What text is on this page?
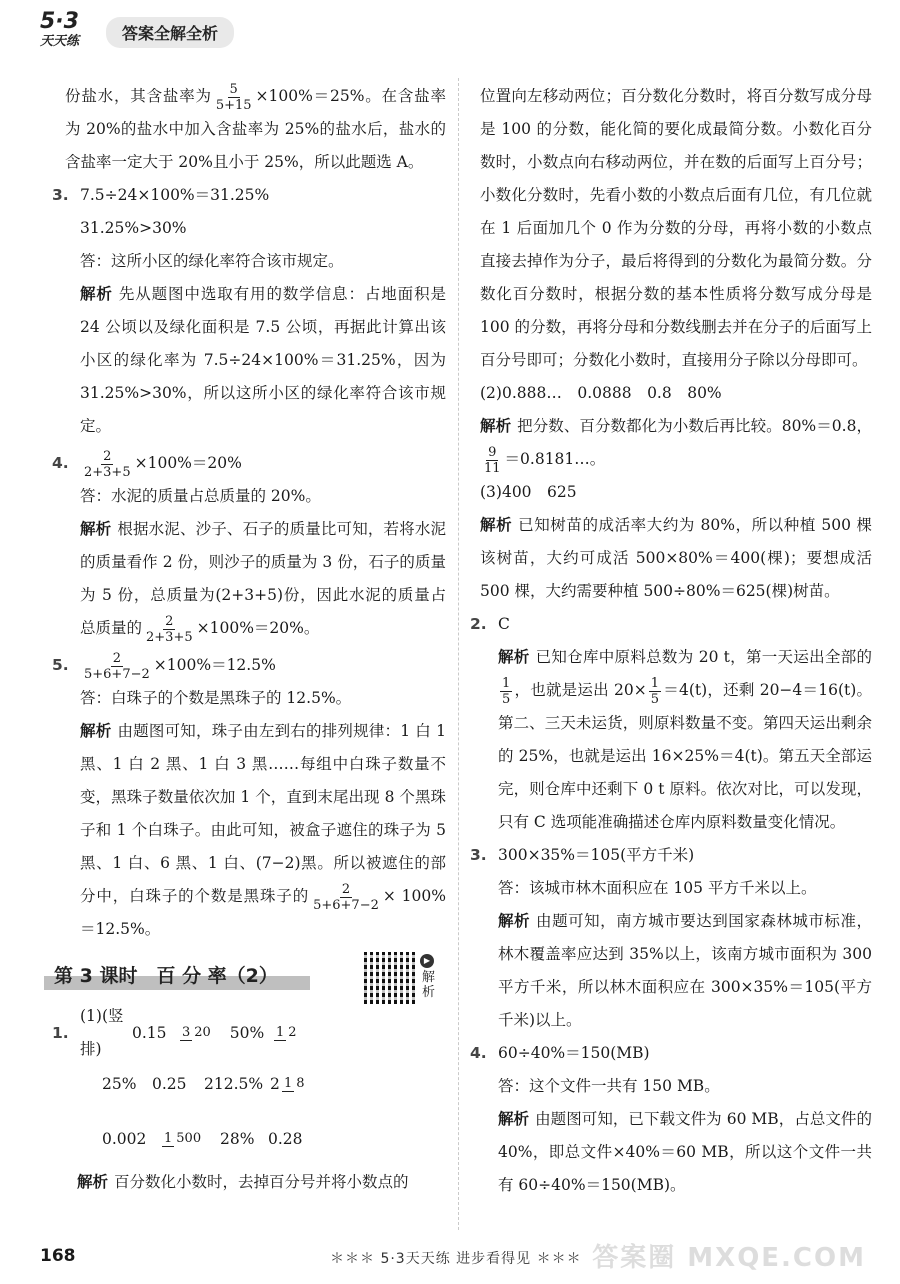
5·3
天天练	答案全解全析

份盐水，其含盐率为 $\frac{5}{5+15} \times 100\%=25\%$。在含盐率为 20%的盐水中加入含盐率为 25%的盐水后，盐水的含盐率一定大于 20%且小于 25%，所以此题选 A。

3. 7.5÷24×100%＝31.25%

31.25%>30%

答：这所小区的绿化率符合该市规定。

解析 先从题图中选取有用的数学信息：占地面积是 24 公顷以及绿化面积是 7.5 公顷，再据此计算出该小区的绿化率为 7.5÷24×100%＝31.25%，因为 31.25%>30%，所以这所小区的绿化率符合该市规定。

4. $\frac{2}{2+3+5} \times 100\%=20\%$

答：水泥的质量占总质量的 20%。

解析 根据水泥、沙子、石子的质量比可知，若将水泥的质量看作 2 份，则沙子的质量为 3 份，石子的质量为 5 份，总质量为(2+3+5)份，因此水泥的质量占总质量的 $\frac{2}{2+3+5} \times 100\%=20\%$。

5. $\frac{2}{5+6+7-2} \times 100\%=12.5\%$

答：白珠子的个数是黑珠子的 12.5%。

解析 由题图可知，珠子由左到右的排列规律：1 白 1 黑、1 白 2 黑、1 白 3 黑……每组中白珠子数量不变，黑珠子数量依次加 1 个，直到末尾出现 8 个黑珠子和 1 个白珠子。由此可知，被盒子遮住的珠子为 5 黑、1 白、6 黑、1 白、(7−2)黑。所以被遮住的部分中，白珠子的个数是黑珠子的 $\frac{2}{5+6+7-2} \times 100\%=12.5\%$。

第 3 课时　百 分 率（2）
▶
解析
1.
(1)(竖排)
0.15	3 20	50% 1 2
25%	0.25	212.5% 2 1 8
0.002	1 500	28% 0.28

解析 百分数化小数时，去掉百分号并将小数点的

位置向左移动两位；百分数化分数时，将百分数写成分母是 100 的分数，能化简的要化成最简分数。小数化百分数时，小数点向右移动两位，并在数的后面写上百分号；小数化分数时，先看小数的小数点后面有几位，有几位就在 1 后面加几个 0 作为分数的分母，再将小数的小数点直接去掉作为分子，最后将得到的分数化为最简分数。分数化百分数时，根据分数的基本性质将分数写成分母是 100 的分数，再将分母和分数线删去并在分子的后面写上百分号即可；分数化小数时，直接用分子除以分母即可。

(2)0.888…　0.0888　0.8　80%

解析 把分数、百分数都化为小数后再比较。80%＝0.8，
$\frac{9}{11}$ ＝0.8181…。

(3)400　625

解析 已知树苗的成活率大约为 80%，所以种植 500 棵该树苗，大约可成活 500×80%＝400(棵)；要想成活 500 棵，大约需要种植 500÷80%＝625(棵)树苗。

2. C

解析 已知仓库中原料总数为 20 t，第一天运出全部的
$\frac{1}{5}$ ，也就是运出 $20\times \frac{1}{5} =4(t)$，还剩 20−4＝16(t)。第二、三天未运货，则原料数量不变。第四天运出剩余的 25%，也就是运出 16×25%＝4(t)。第五天全部运完，则仓库中还剩下 0 t 原料。依次对比，可以发现，只有 C 选项能准确描述仓库内原料数量变化情况。

3. 300×35%＝105(平方千米)

答：该城市林木面积应在 105 平方千米以上。

解析 由题可知，南方城市要达到国家森林城市标准，林木覆盖率应达到 35%以上，该南方城市面积为 300 平方千米，所以林木面积应在 300×35%＝105(平方千米)以上。

4. 60÷40%＝150(MB)

答：这个文件一共有 150 MB。

解析 由题图可知，已下载文件为 60 MB，占总文件的 40%，即总文件×40%＝60 MB，所以这个文件一共有 60÷40%＝150(MB)。

168	＊＊＊ 5·3天天练 进步看得见 ＊＊＊ 答案圈 MXQE.COM
